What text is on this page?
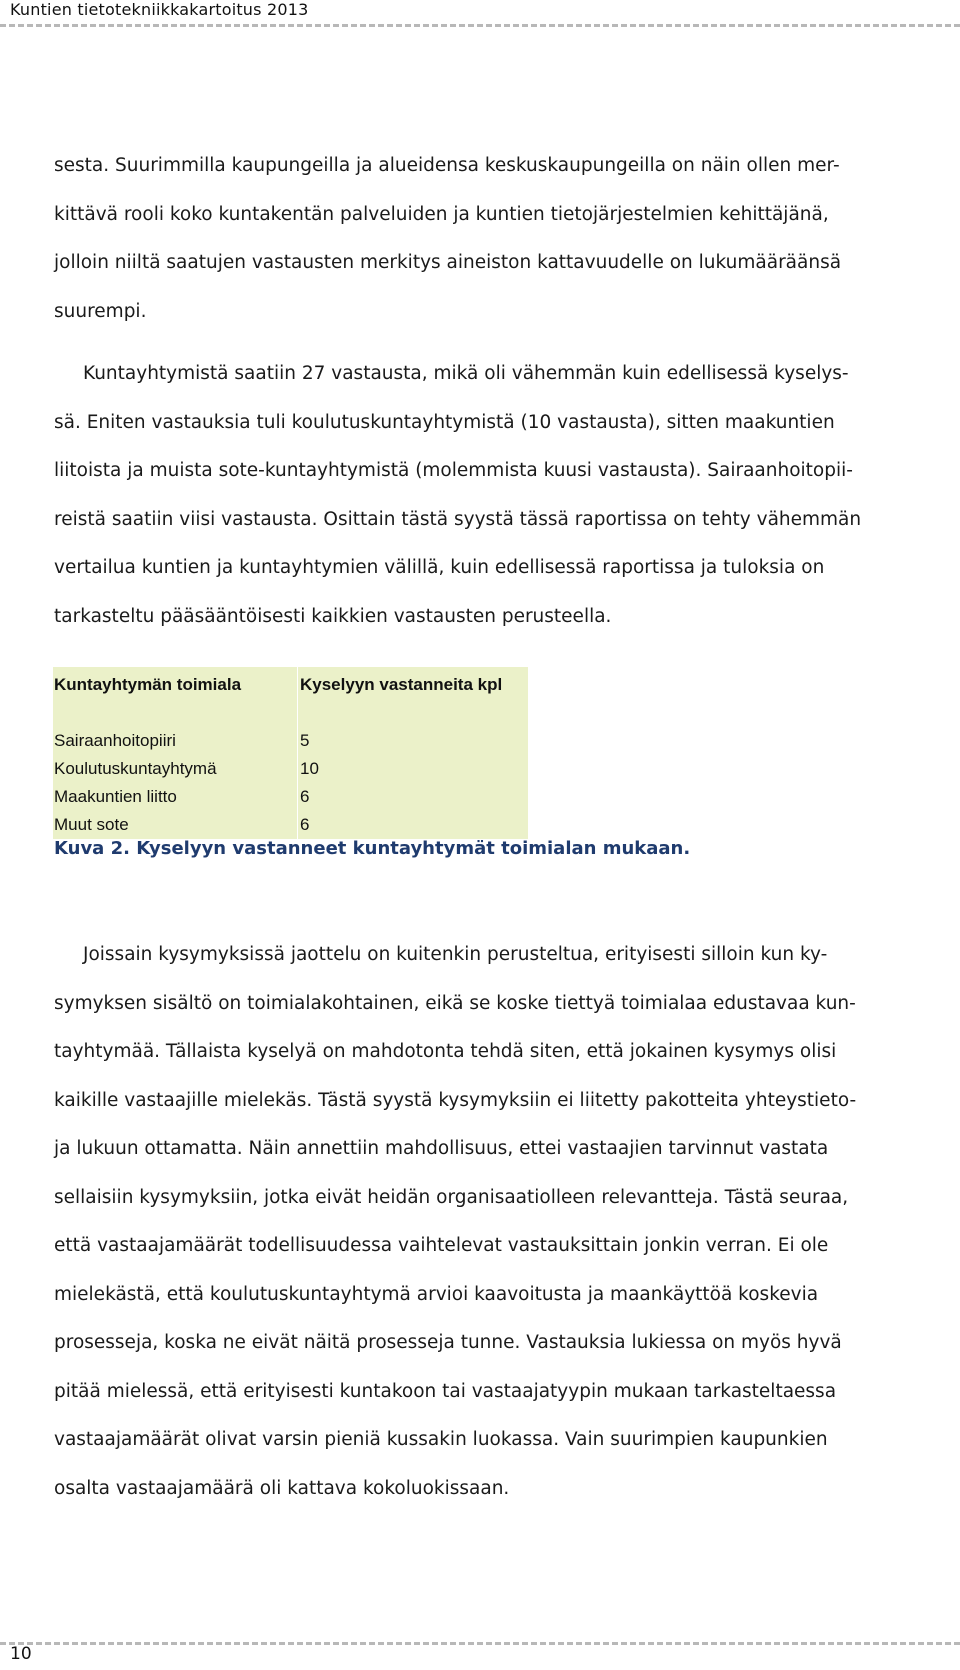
Kuntien tietotekniikkakartoitus 2013

sesta. Suurimmilla kaupungeilla ja alueidensa keskuskaupungeilla on näin ollen mer-
kittävä rooli koko kuntakentän palveluiden ja kuntien tietojärjestelmien kehittäjänä,
jolloin niiltä saatujen vastausten merkitys aineiston kattavuudelle on lukumääräänsä
suurempi.

Kuntayhtymistä saatiin 27 vastausta, mikä oli vähemmän kuin edellisessä kyselys-
sä. Eniten vastauksia tuli koulutuskuntayhtymistä (10 vastausta), sitten maakuntien
liitoista ja muista sote-kuntayhtymistä (molemmista kuusi vastausta). Sairaanhoitopii-
reistä saatiin viisi vastausta. Osittain tästä syystä tässä raportissa on tehty vähemmän
vertailua kuntien ja kuntayhtymien välillä, kuin edellisessä raportissa ja tuloksia on
tarkasteltu pääsääntöisesti kaikkien vastausten perusteella.

Kuntayhtymän toimiala	Kyselyyn vastanneita kpl
Sairaanhoitopiiri	5
Koulutuskuntayhtymä	10
Maakuntien liitto	6
Muut sote	6
Kuva 2. Kyselyyn vastanneet kuntayhtymät toimialan mukaan.

Joissain kysymyksissä jaottelu on kuitenkin perusteltua, erityisesti silloin kun ky-
symyksen sisältö on toimialakohtainen, eikä se koske tiettyä toimialaa edustavaa kun-
tayhtymää. Tällaista kyselyä on mahdotonta tehdä siten, että jokainen kysymys olisi
kaikille vastaajille mielekäs. Tästä syystä kysymyksiin ei liitetty pakotteita yhteystieto-
ja lukuun ottamatta. Näin annettiin mahdollisuus, ettei vastaajien tarvinnut vastata
sellaisiin kysymyksiin, jotka eivät heidän organisaatiolleen relevantteja. Tästä seuraa,
että vastaajamäärät todellisuudessa vaihtelevat vastauksittain jonkin verran. Ei ole
mielekästä, että koulutuskuntayhtymä arvioi kaavoitusta ja maankäyttöä koskevia
prosesseja, koska ne eivät näitä prosesseja tunne. Vastauksia lukiessa on myös hyvä
pitää mielessä, että erityisesti kuntakoon tai vastaajatyypin mukaan tarkasteltaessa
vastaajamäärät olivat varsin pieniä kussakin luokassa. Vain suurimpien kaupunkien
osalta vastaajamäärä oli kattava kokoluokissaan.

10
